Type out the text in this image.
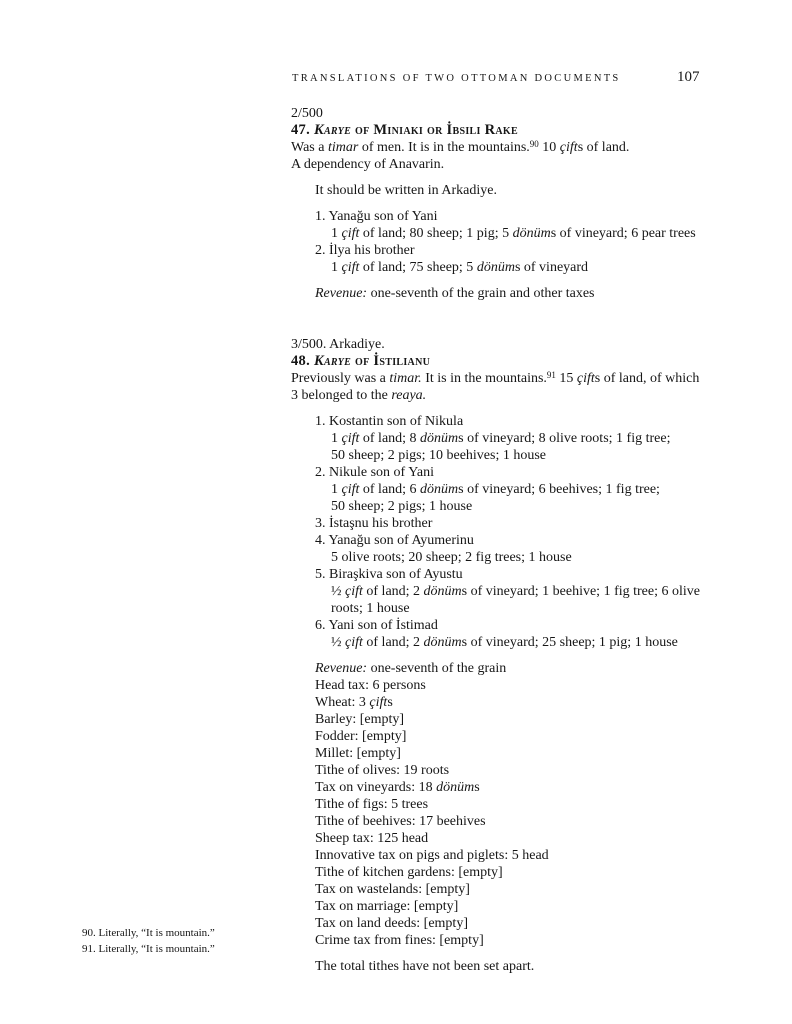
TRANSLATIONS OF TWO OTTOMAN DOCUMENTS	107
2/500
47. Karye of Miniaki or İbsili Rake
Was a timar of men. It is in the mountains.$^{90}$ 10 çifts of land.
A dependency of Anavarin.
It should be written in Arkadiye.
1. Yanağu son of Yani
1 çift of land; 80 sheep; 1 pig; 5 dönüms of vineyard; 6 pear trees
2. İlya his brother
1 çift of land; 75 sheep; 5 dönüms of vineyard
Revenue: one-seventh of the grain and other taxes
3/500. Arkadiye.
48. Karye of İstilianu
Previously was a timar. It is in the mountains.$^{91}$ 15 çifts of land, of which
3 belonged to the reaya.
1. Kostantin son of Nikula
1 çift of land; 8 dönüms of vineyard; 8 olive roots; 1 fig tree;
50 sheep; 2 pigs; 10 beehives; 1 house
2. Nikule son of Yani
1 çift of land; 6 dönüms of vineyard; 6 beehives; 1 fig tree;
50 sheep; 2 pigs; 1 house
3. İstaşnu his brother
4. Yanağu son of Ayumerinu
5 olive roots; 20 sheep; 2 fig trees; 1 house
5. Biraşkiva son of Ayustu
½ çift of land; 2 dönüms of vineyard; 1 beehive; 1 fig tree; 6 olive
roots; 1 house
6. Yani son of İstimad
½ çift of land; 2 dönüms of vineyard; 25 sheep; 1 pig; 1 house
Revenue: one-seventh of the grain
Head tax: 6 persons
Wheat: 3 çifts
Barley: [empty]
Fodder: [empty]
Millet: [empty]
Tithe of olives: 19 roots
Tax on vineyards: 18 dönüms
Tithe of figs: 5 trees
Tithe of beehives: 17 beehives
Sheep tax: 125 head
Innovative tax on pigs and piglets: 5 head
Tithe of kitchen gardens: [empty]
Tax on wastelands: [empty]
Tax on marriage: [empty]
Tax on land deeds: [empty]
Crime tax from fines: [empty]
The total tithes have not been set apart.
90. Literally, “It is mountain.”
91. Literally, “It is mountain.”
